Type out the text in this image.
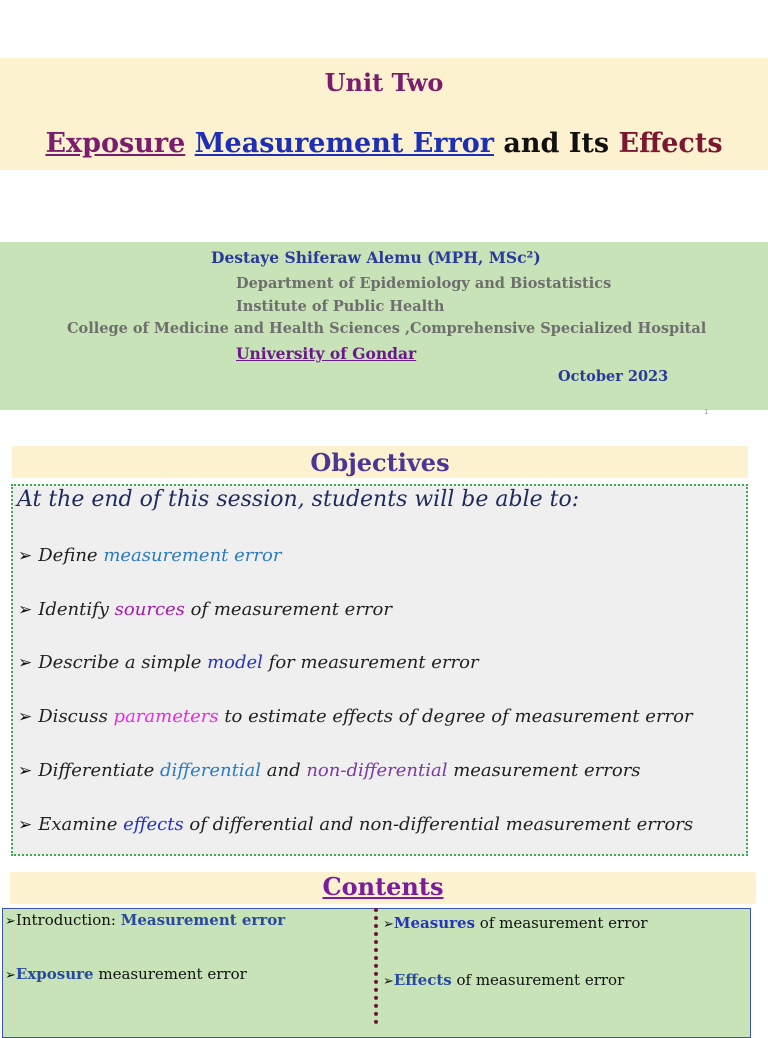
Unit Two
Exposure Measurement Error and Its Effects
Destaye Shiferaw Alemu (MPH, MSc²)
Department of Epidemiology and Biostatistics
Institute of Public Health
College of Medicine and Health Sciences ,Comprehensive Specialized Hospital
University of Gondar
October 2023
1
Objectives
At the end of this session, students will be able to:
➢ Define measurement error
➢ Identify sources of measurement error
➢ Describe a simple model for measurement error
➢ Discuss parameters to estimate effects of degree of measurement error
➢ Differentiate differential and non-differential measurement errors
➢ Examine effects of differential and non-differential measurement errors
Contents
➢Introduction: Measurement error
➢Exposure measurement error
➢Measures of measurement error
➢Effects of measurement error
